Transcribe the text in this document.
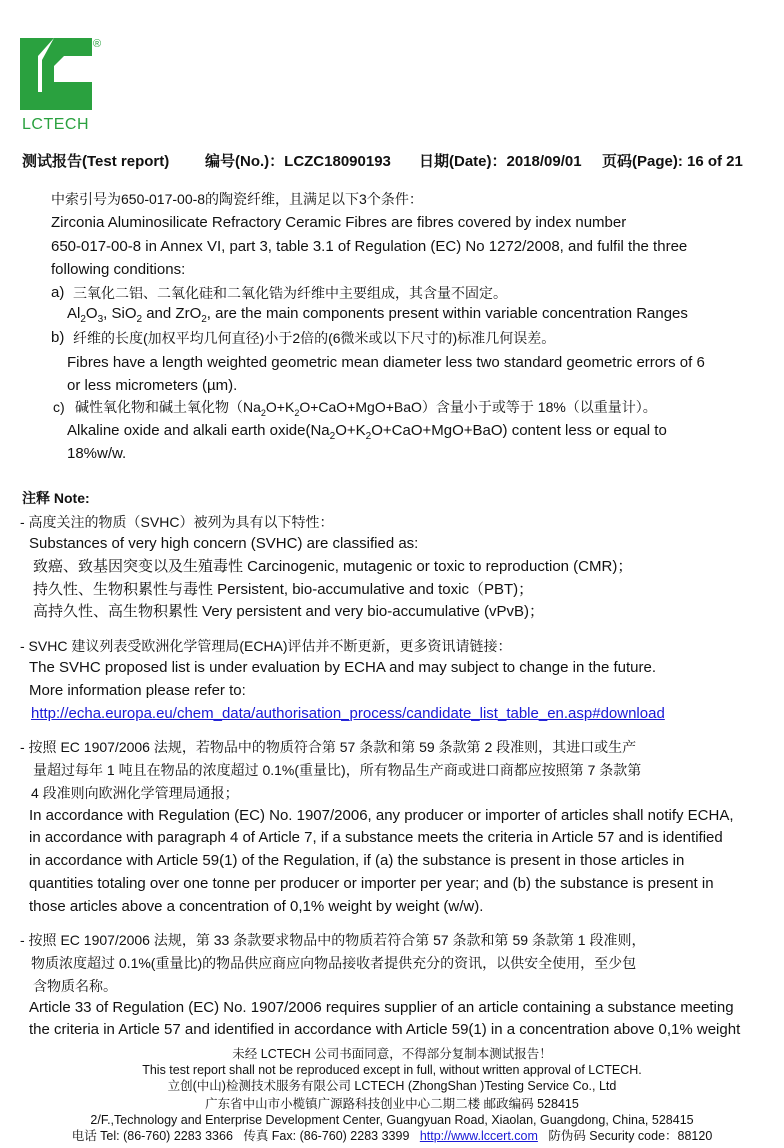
®
LCTECH
测试报告(Test report) 编号(No.)：LCZC18090193 日期(Date)：2018/09/01 页码(Page): 16 of 21
中索引号为650-017-00-8的陶瓷纤维，且满足以下3个条件：
Zirconia Aluminosilicate Refractory Ceramic Fibres are fibres covered by index number
650-017-00-8 in Annex VI, part 3, table 3.1 of Regulation (EC) No 1272/2008, and fulfil the three
following conditions:
a) 三氧化二铝、二氧化硅和二氧化锆为纤维中主要组成，其含量不固定。
$Al_2O_3$, SiO$_2$ and ZrO$_2$, are the main components present within variable concentration Ranges
b) 纤维的长度(加权平均几何直径)小于2倍的(6微米或以下尺寸的)标准几何误差。
Fibres have a length weighted geometric mean diameter less two standard geometric errors of 6
or less micrometers (µm).
c) 碱性氧化物和碱土氧化物$(Na_2O+K_2O+CaO+MgO+BaO)$含量小于或等于 18%（以重量计）。
Alkaline oxide and alkali earth $oxide(Na_2O+K_2O+CaO+MgO+BaO)$ content less or equal to
18%w/w.
注释 Note:
- 高度关注的物质（SVHC）被列为具有以下特性：
Substances of very high concern (SVHC) are classified as:
致癌、致基因突变以及生殖毒性 Carcinogenic, mutagenic or toxic to reproduction (CMR)；
持久性、生物积累性与毒性 Persistent, bio-accumulative and toxic（PBT)；
高持久性、高生物积累性 Very persistent and very bio-accumulative (vPvB)；
- SVHC 建议列表受欧洲化学管理局(ECHA)评估并不断更新，更多资讯请链接：
The SVHC proposed list is under evaluation by ECHA and may subject to change in the future.
More information please refer to:
http://echa.europa.eu/chem_data/authorisation_process/candidate_list_table_en.asp#download
- 按照 EC 1907/2006 法规，若物品中的物质符合第 57 条款和第 59 条款第 2 段准则，其进口或生产
量超过每年 1 吨且在物品的浓度超过 0.1%(重量比)，所有物品生产商或进口商都应按照第 7 条款第
4 段准则向欧洲化学管理局通报；
In accordance with Regulation (EC) No. 1907/2006, any producer or importer of articles shall notify ECHA,
in accordance with paragraph 4 of Article 7, if a substance meets the criteria in Article 57 and is identified
in accordance with Article 59(1) of the Regulation, if (a) the substance is present in those articles in
quantities totaling over one tonne per producer or importer per year; and (b) the substance is present in
those articles above a concentration of 0,1% weight by weight (w/w).
- 按照 EC 1907/2006 法规，第 33 条款要求物品中的物质若符合第 57 条款和第 59 条款第 1 段准则，
物质浓度超过 0.1%(重量比)的物品供应商应向物品接收者提供充分的资讯，以供安全使用，至少包
含物质名称。
Article 33 of Regulation (EC) No. 1907/2006 requires supplier of an article containing a substance meeting
the criteria in Article 57 and identified in accordance with Article 59(1) in a concentration above 0,1% weight
未经 LCTECH 公司书面同意，不得部分复制本测试报告！
This test report shall not be reproduced except in full, without written approval of LCTECH.
立创(中山)检测技术服务有限公司 LCTECH (ZhongShan )Testing Service Co., Ltd
广东省中山市小榄镇广源路科技创业中心二期二楼 邮政编码 528415
2/F.,Technology and Enterprise Development Center, Guangyuan Road, Xiaolan, Guangdong, China, 528415
电话 Tel: (86-760) 2283 3366   传真 Fax: (86-760) 2283 3399   http://www.lccert.com   防伪码 Security code：88120
